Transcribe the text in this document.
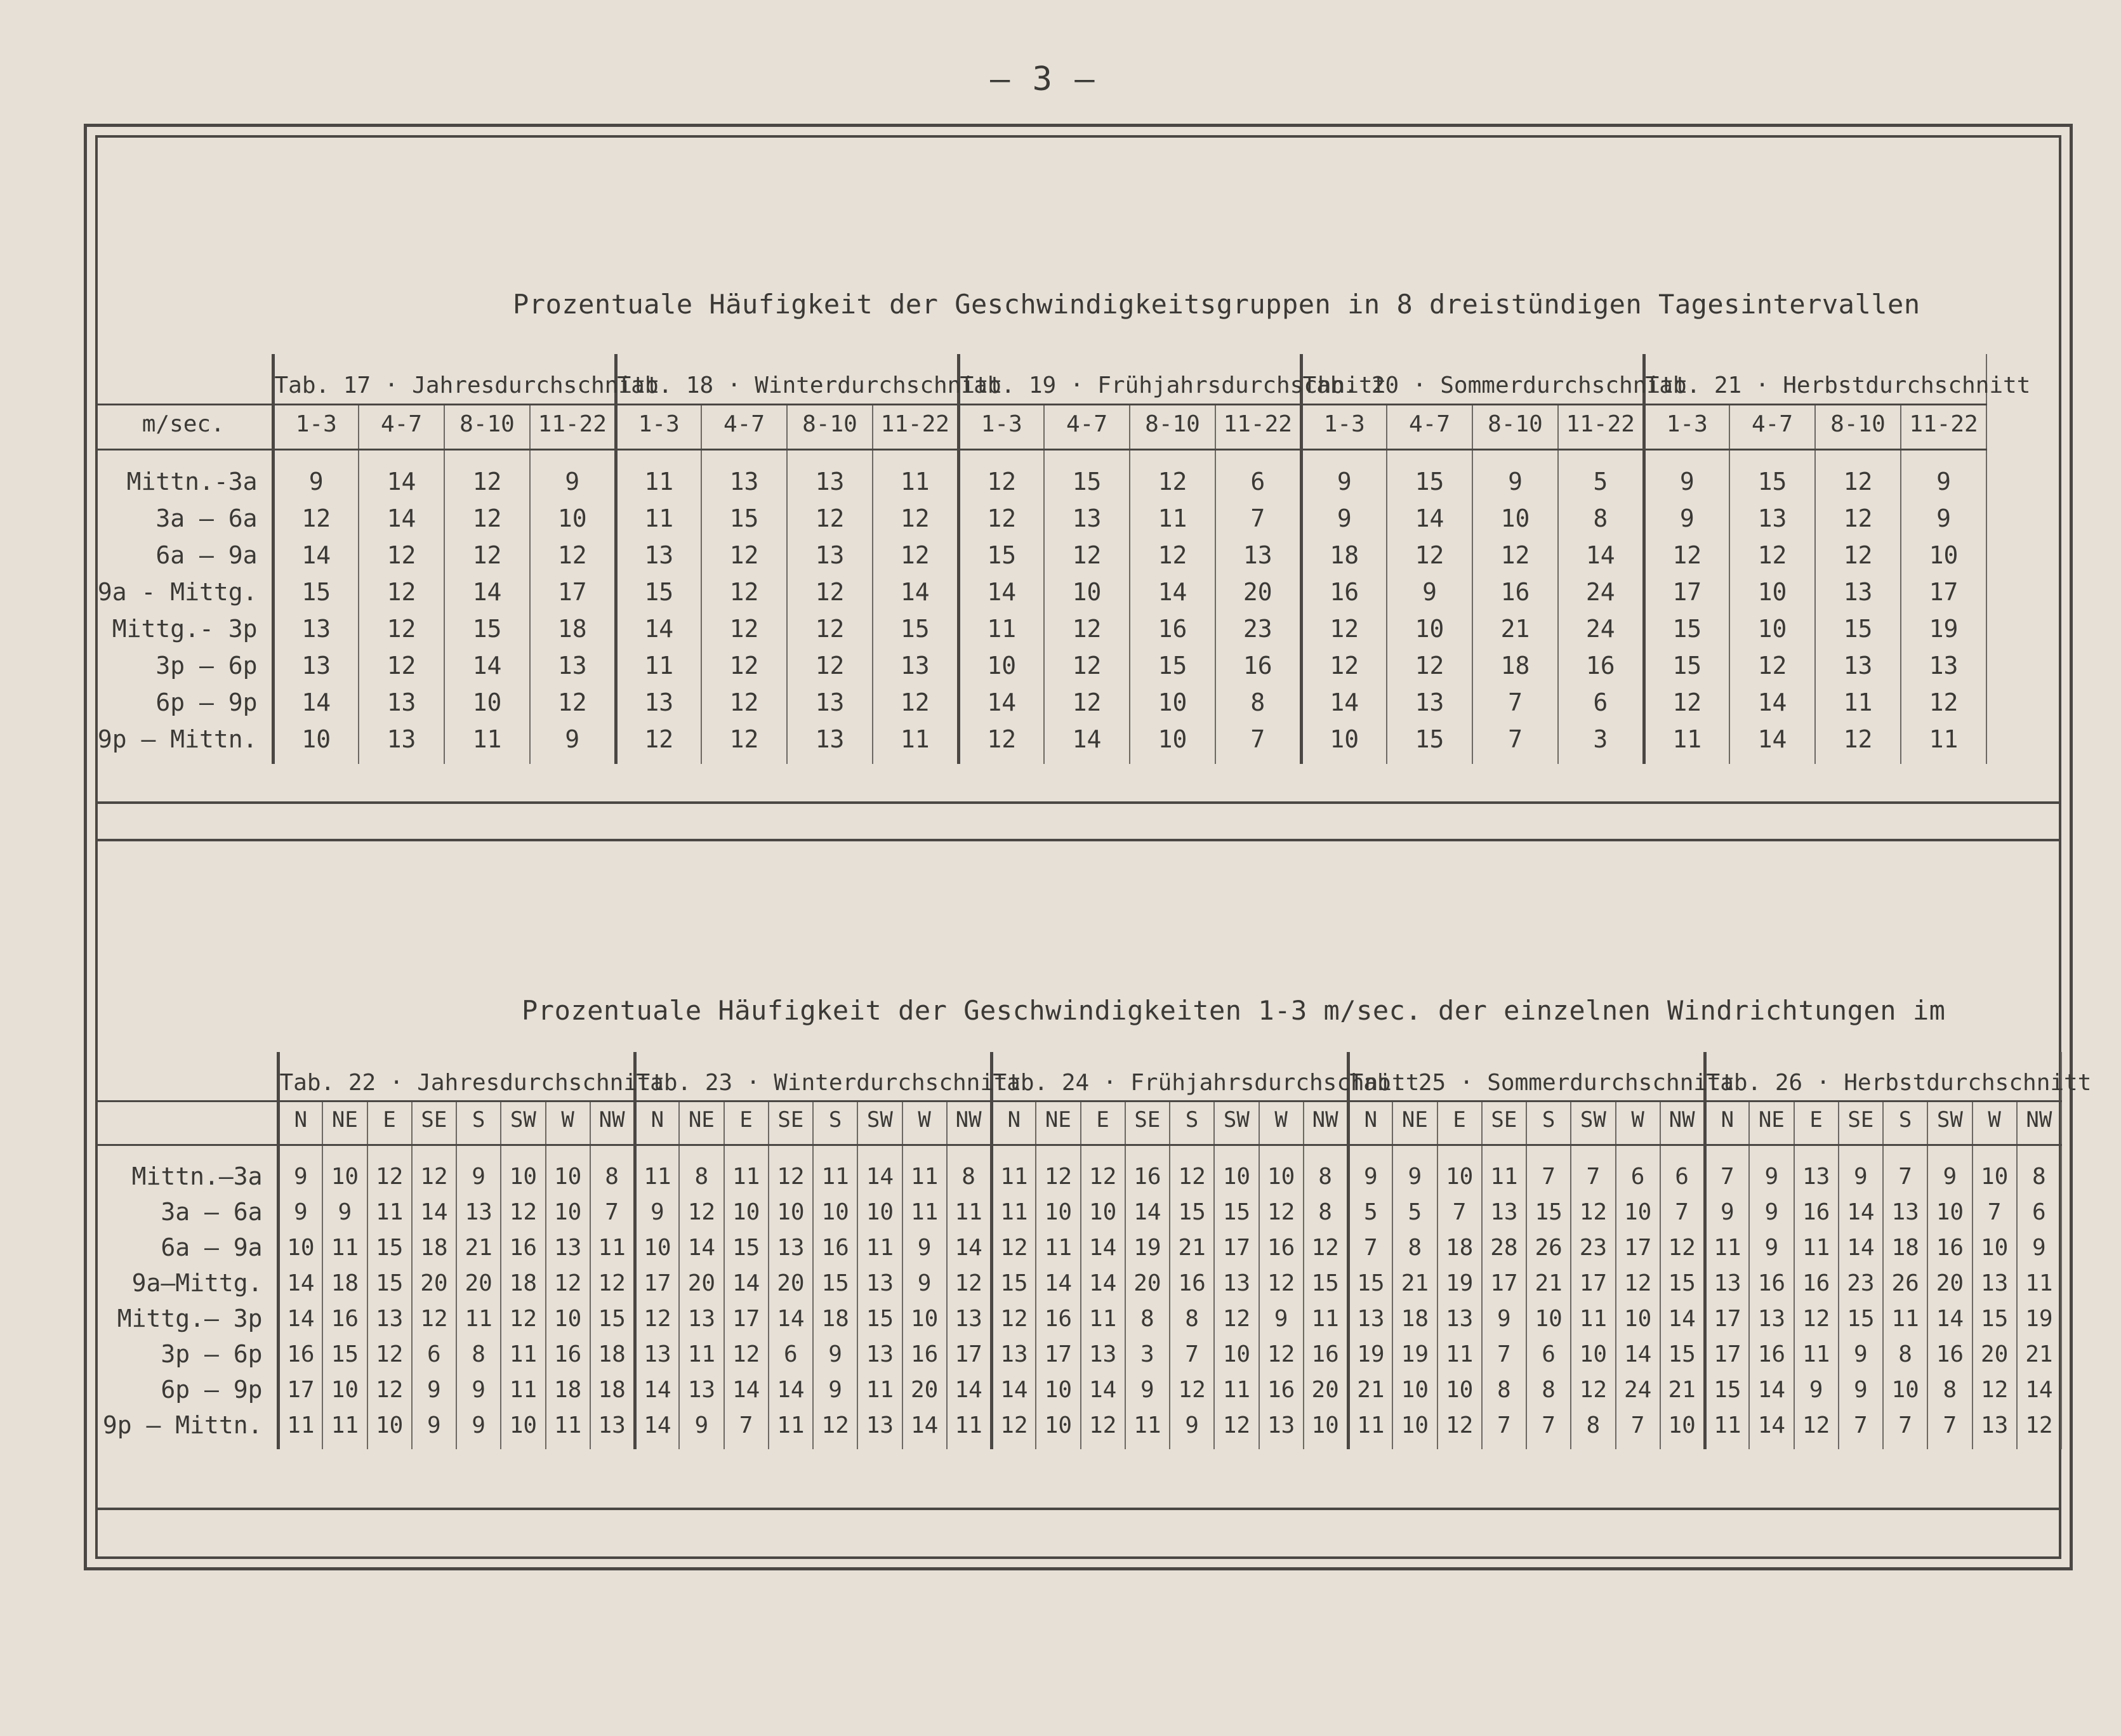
— 3 —
Prozentuale Häufigkeit der Geschwindigkeitsgruppen in 8 dreistündigen Tagesintervallen
	Tab. 17 · Jahresdurchschnitt				Tab. 18 · Winterdurchschnitt				Tab. 19 · Frühjahrsdurchschnitt				Tab. 20 · Sommerdurchschnitt				Tab. 21 · Herbstdurchschnitt			
m/sec.	1-3	4-7	8-10	11-22	1-3	4-7	8-10	11-22	1-3	4-7	8-10	11-22	1-3	4-7	8-10	11-22	1-3	4-7	8-10	11-22
Mittn.-3a	9	14	12	9	11	13	13	11	12	15	12	6	9	15	9	5	9	15	12	9
3a – 6a	12	14	12	10	11	15	12	12	12	13	11	7	9	14	10	8	9	13	12	9
6a – 9a	14	12	12	12	13	12	13	12	15	12	12	13	18	12	12	14	12	12	12	10
9a - Mittg.	15	12	14	17	15	12	12	14	14	10	14	20	16	9	16	24	17	10	13	17
Mittg.- 3p	13	12	15	18	14	12	12	15	11	12	16	23	12	10	21	24	15	10	15	19
3p – 6p	13	12	14	13	11	12	12	13	10	12	15	16	12	12	18	16	15	12	13	13
6p – 9p	14	13	10	12	13	12	13	12	14	12	10	8	14	13	7	6	12	14	11	12
9p – Mittn.	10	13	11	9	12	12	13	11	12	14	10	7	10	15	7	3	11	14	12	11
Prozentuale Häufigkeit der Geschwindigkeiten 1-3 m/sec. der einzelnen Windrichtungen im
	Tab. 22 · Jahresdurchschnitt								Tab. 23 · Winterdurchschnitt								Tab. 24 · Frühjahrsdurchschnitt								Tab. 25 · Sommerdurchschnitt								Tab. 26 · Herbstdurchschnitt							
	N	NE	E	SE	S	SW	W	NW	N	NE	E	SE	S	SW	W	NW	N	NE	E	SE	S	SW	W	NW	N	NE	E	SE	S	SW	W	NW	N	NE	E	SE	S	SW	W	NW
Mittn.–3a	9	10	12	12	9	10	10	8	11	8	11	12	11	14	11	8	11	12	12	16	12	10	10	8	9	9	10	11	7	7	6	6	7	9	13	9	7	9	10	8
3a – 6a	9	9	11	14	13	12	10	7	9	12	10	10	10	10	11	11	11	10	10	14	15	15	12	8	5	5	7	13	15	12	10	7	9	9	16	14	13	10	7	6
6a – 9a	10	11	15	18	21	16	13	11	10	14	15	13	16	11	9	14	12	11	14	19	21	17	16	12	7	8	18	28	26	23	17	12	11	9	11	14	18	16	10	9
9a–Mittg.	14	18	15	20	20	18	12	12	17	20	14	20	15	13	9	12	15	14	14	20	16	13	12	15	15	21	19	17	21	17	12	15	13	16	16	23	26	20	13	11
Mittg.– 3p	14	16	13	12	11	12	10	15	12	13	17	14	18	15	10	13	12	16	11	8	8	12	9	11	13	18	13	9	10	11	10	14	17	13	12	15	11	14	15	19
3p – 6p	16	15	12	6	8	11	16	18	13	11	12	6	9	13	16	17	13	17	13	3	7	10	12	16	19	19	11	7	6	10	14	15	17	16	11	9	8	16	20	21
6p – 9p	17	10	12	9	9	11	18	18	14	13	14	14	9	11	20	14	14	10	14	9	12	11	16	20	21	10	10	8	8	12	24	21	15	14	9	9	10	8	12	14
9p – Mittn.	11	11	10	9	9	10	11	13	14	9	7	11	12	13	14	11	12	10	12	11	9	12	13	10	11	10	12	7	7	8	7	10	11	14	12	7	7	7	13	12
